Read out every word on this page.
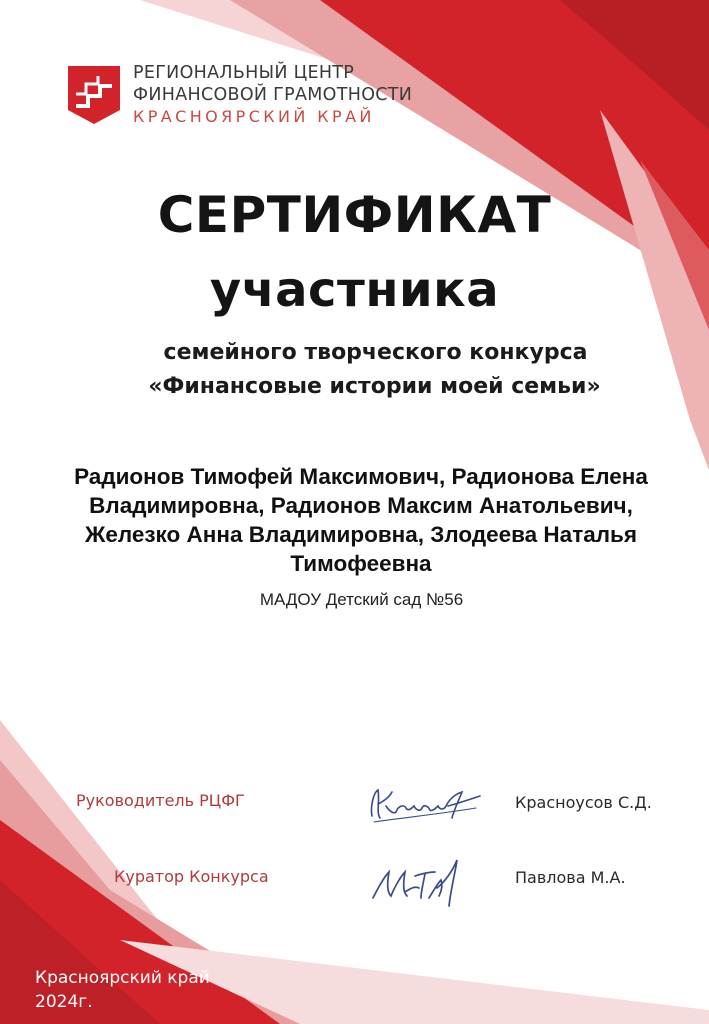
РЕГИОНАЛЬНЫЙ ЦЕНТР
ФИНАНСОВОЙ ГРАМОТНОСТИ
КРАСНОЯРСКИЙ КРАЙ
СЕРТИФИКАТ
участника
семейного творческого конкурса
«Финансовые истории моей семьи»
Радионов Тимофей Максимович, Радионова Елена Владимировна, Радионов Максим Анатольевич, Железко Анна Владимировна, Злодеева Наталья Тимофеевна
МАДОУ Детский сад №56
Руководитель РЦФГ	Красноусов С.Д.
Куратор Конкурса	Павлова М.А.
Красноярский край
2024г.
